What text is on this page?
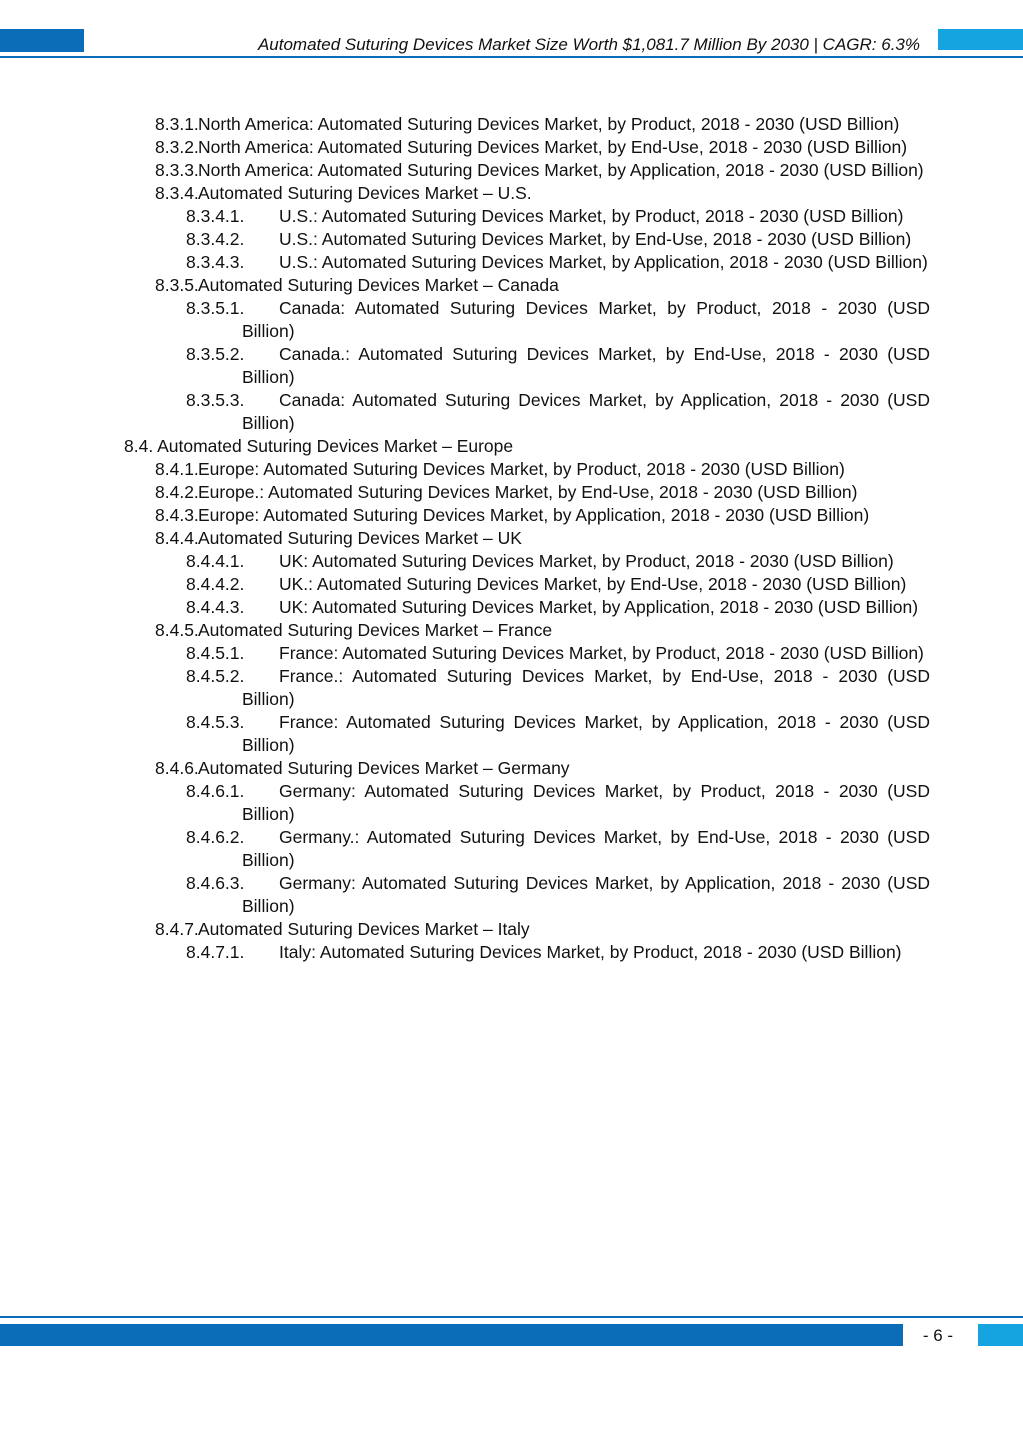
Automated Suturing Devices Market Size Worth $1,081.7 Million By 2030 | CAGR: 6.3%
8.3.1. North America: Automated Suturing Devices Market, by Product, 2018 - 2030 (USD Billion)
8.3.2. North America: Automated Suturing Devices Market, by End-Use, 2018 - 2030 (USD Billion)
8.3.3. North America: Automated Suturing Devices Market, by Application, 2018 - 2030 (USD Billion)
8.3.4. Automated Suturing Devices Market – U.S.
8.3.4.1. U.S.: Automated Suturing Devices Market, by Product, 2018 - 2030 (USD Billion)
8.3.4.2. U.S.: Automated Suturing Devices Market, by End-Use, 2018 - 2030 (USD Billion)
8.3.4.3. U.S.: Automated Suturing Devices Market, by Application, 2018 - 2030 (USD Billion)
8.3.5. Automated Suturing Devices Market – Canada
8.3.5.1. Canada: Automated Suturing Devices Market, by Product, 2018 - 2030 (USD Billion)
8.3.5.2. Canada.: Automated Suturing Devices Market, by End-Use, 2018 - 2030 (USD Billion)
8.3.5.3. Canada: Automated Suturing Devices Market, by Application, 2018 - 2030 (USD Billion)
8.4. Automated Suturing Devices Market – Europe
8.4.1. Europe: Automated Suturing Devices Market, by Product, 2018 - 2030 (USD Billion)
8.4.2. Europe.: Automated Suturing Devices Market, by End-Use, 2018 - 2030 (USD Billion)
8.4.3. Europe: Automated Suturing Devices Market, by Application, 2018 - 2030 (USD Billion)
8.4.4. Automated Suturing Devices Market – UK
8.4.4.1. UK: Automated Suturing Devices Market, by Product, 2018 - 2030 (USD Billion)
8.4.4.2. UK.: Automated Suturing Devices Market, by End-Use, 2018 - 2030 (USD Billion)
8.4.4.3. UK: Automated Suturing Devices Market, by Application, 2018 - 2030 (USD Billion)
8.4.5. Automated Suturing Devices Market – France
8.4.5.1. France: Automated Suturing Devices Market, by Product, 2018 - 2030 (USD Billion)
8.4.5.2. France.: Automated Suturing Devices Market, by End-Use, 2018 - 2030 (USD Billion)
8.4.5.3. France: Automated Suturing Devices Market, by Application, 2018 - 2030 (USD Billion)
8.4.6. Automated Suturing Devices Market – Germany
8.4.6.1. Germany: Automated Suturing Devices Market, by Product, 2018 - 2030 (USD Billion)
8.4.6.2. Germany.: Automated Suturing Devices Market, by End-Use, 2018 - 2030 (USD Billion)
8.4.6.3. Germany: Automated Suturing Devices Market, by Application, 2018 - 2030 (USD Billion)
8.4.7. Automated Suturing Devices Market – Italy
8.4.7.1. Italy: Automated Suturing Devices Market, by Product, 2018 - 2030 (USD Billion)
- 6 -
